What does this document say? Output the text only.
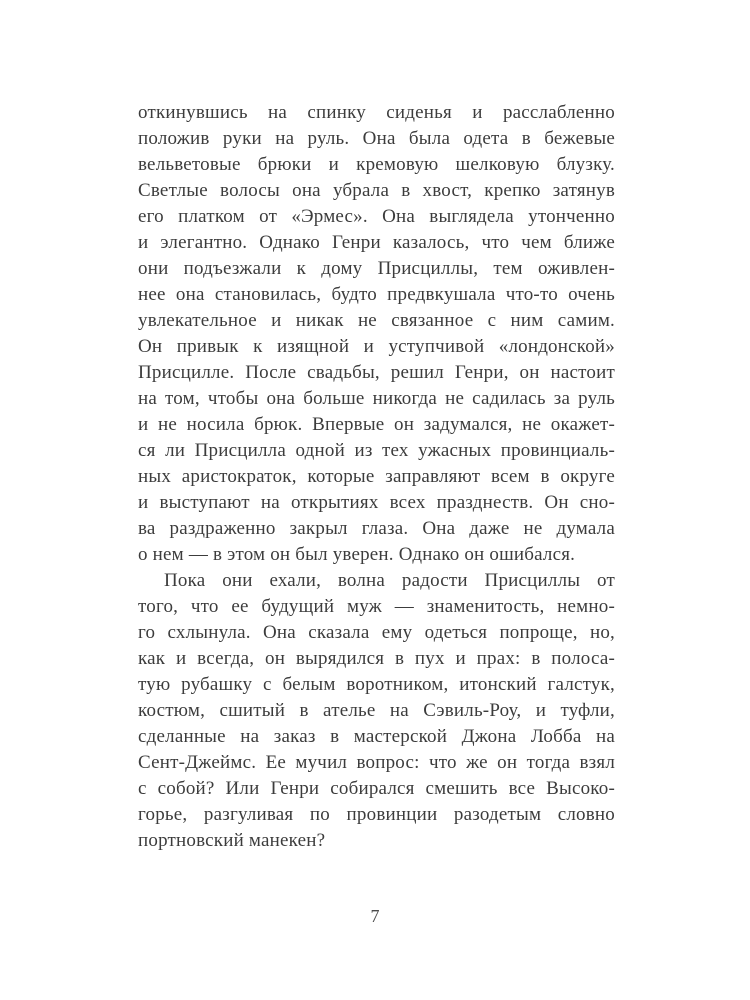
откинувшись на спинку сиденья и расслабленно
положив руки на руль. Она была одета в бежевые
вельветовые брюки и кремовую шелковую блузку.
Светлые волосы она убрала в хвост, крепко затянув
его платком от «Эрмес». Она выглядела утонченно
и элегантно. Однако Генри казалось, что чем ближе
они подъезжали к дому Присциллы, тем оживлен-
нее она становилась, будто предвкушала что-то очень
увлекательное и никак не связанное с ним самим.
Он привык к изящной и уступчивой «лондонской»
Присцилле. После свадьбы, решил Генри, он настоит
на том, чтобы она больше никогда не садилась за руль
и не носила брюк. Впервые он задумался, не окажет-
ся ли Присцилла одной из тех ужасных провинциаль-
ных аристократок, которые заправляют всем в округе
и выступают на открытиях всех празднеств. Он сно-
ва раздраженно закрыл глаза. Она даже не думала
о нем — в этом он был уверен. Однако он ошибался.
Пока они ехали, волна радости Присциллы от
того, что ее будущий муж — знаменитость, немно-
го схлынула. Она сказала ему одеться попроще, но,
как и всегда, он вырядился в пух и прах: в полоса-
тую рубашку с белым воротником, итонский галстук,
костюм, сшитый в ателье на Сэвиль-Роу, и туфли,
сделанные на заказ в мастерской Джона Лобба на
Сент-Джеймс. Ее мучил вопрос: что же он тогда взял
с собой? Или Генри собирался смешить все Высоко-
горье, разгуливая по провинции разодетым словно
портновский манекен?
7
